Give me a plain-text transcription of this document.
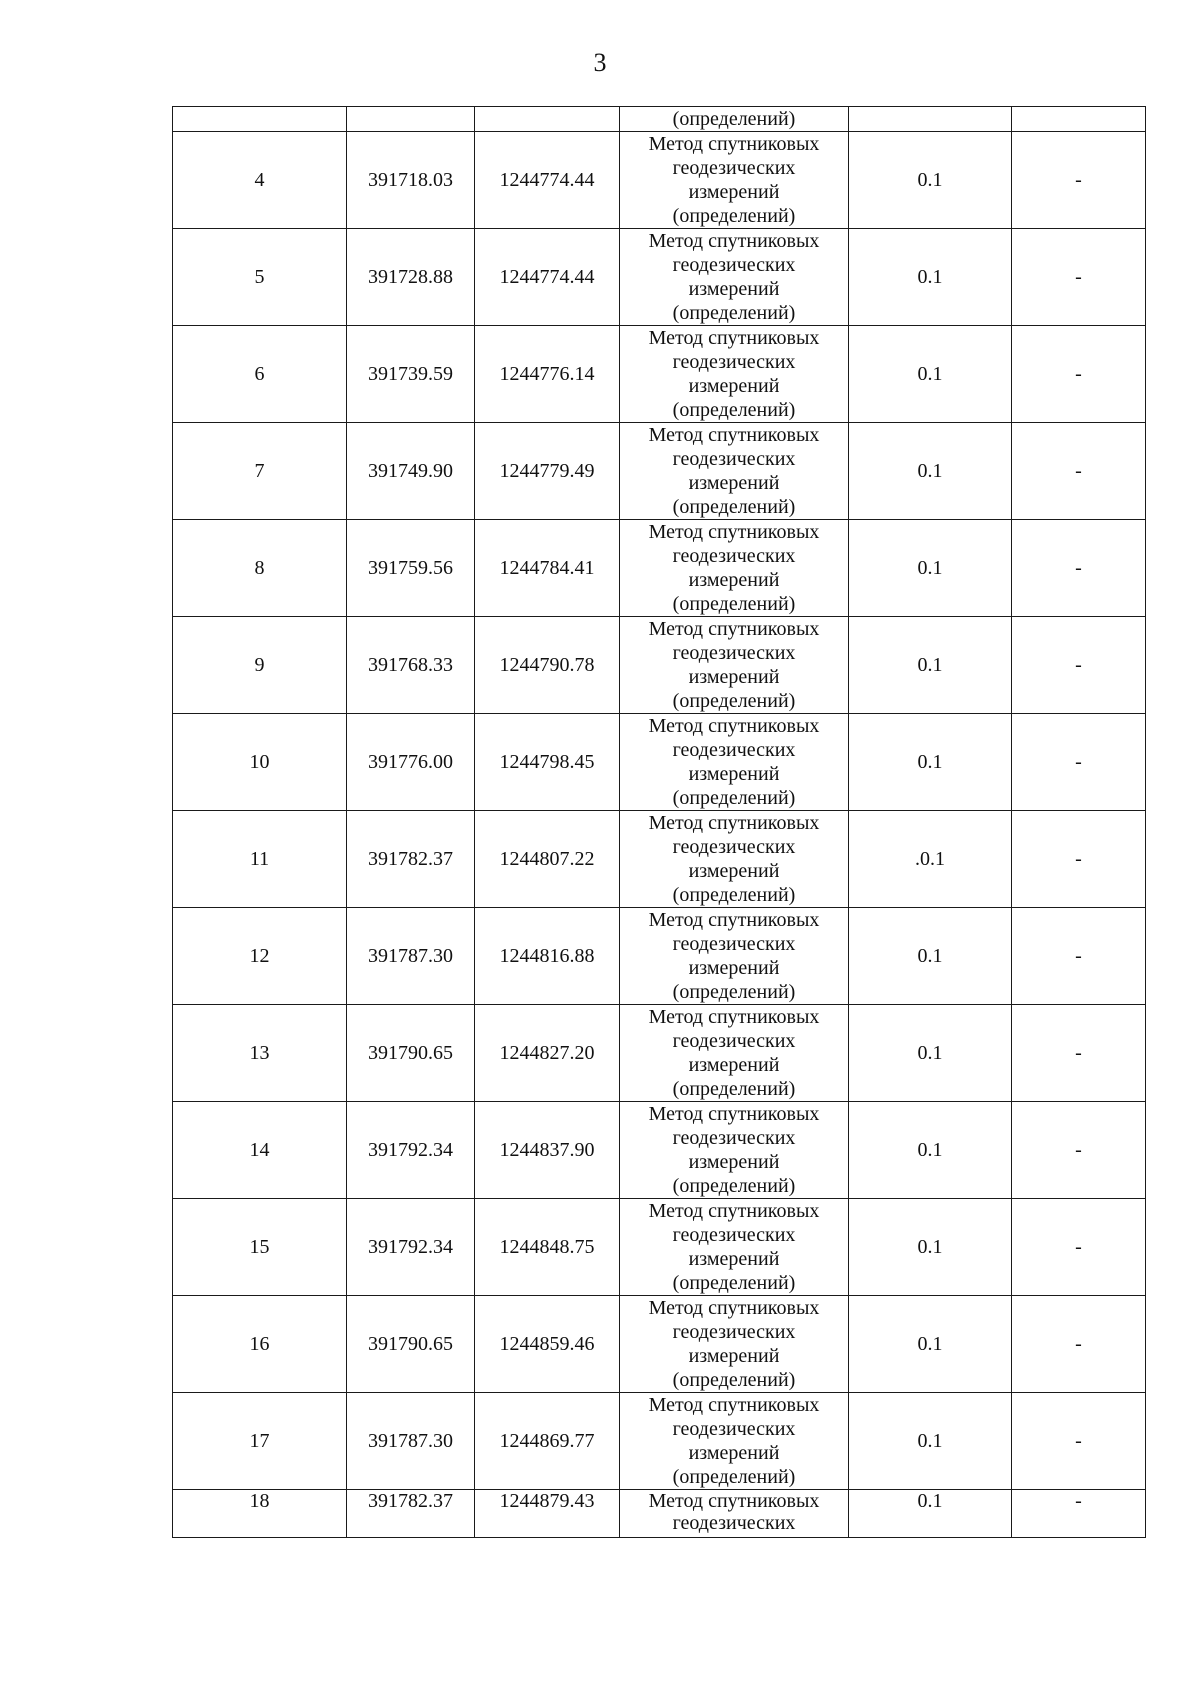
3
			(определений)		
4	391718.03	1244774.44	Метод спутниковых
геодезических
измерений
(определений)	0.1	-
5	391728.88	1244774.44	Метод спутниковых
геодезических
измерений
(определений)	0.1	-
6	391739.59	1244776.14	Метод спутниковых
геодезических
измерений
(определений)	0.1	-
7	391749.90	1244779.49	Метод спутниковых
геодезических
измерений
(определений)	0.1	-
8	391759.56	1244784.41	Метод спутниковых
геодезических
измерений
(определений)	0.1	-
9	391768.33	1244790.78	Метод спутниковых
геодезических
измерений
(определений)	0.1	-
10	391776.00	1244798.45	Метод спутниковых
геодезических
измерений
(определений)	0.1	-
11	391782.37	1244807.22	Метод спутниковых
геодезических
измерений
(определений)	.0.1	-
12	391787.30	1244816.88	Метод спутниковых
геодезических
измерений
(определений)	0.1	-
13	391790.65	1244827.20	Метод спутниковых
геодезических
измерений
(определений)	0.1	-
14	391792.34	1244837.90	Метод спутниковых
геодезических
измерений
(определений)	0.1	-
15	391792.34	1244848.75	Метод спутниковых
геодезических
измерений
(определений)	0.1	-
16	391790.65	1244859.46	Метод спутниковых
геодезических
измерений
(определений)	0.1	-
17	391787.30	1244869.77	Метод спутниковых
геодезических
измерений
(определений)	0.1	-
18	391782.37	1244879.43	Метод спутниковых
геодезических	0.1	-
